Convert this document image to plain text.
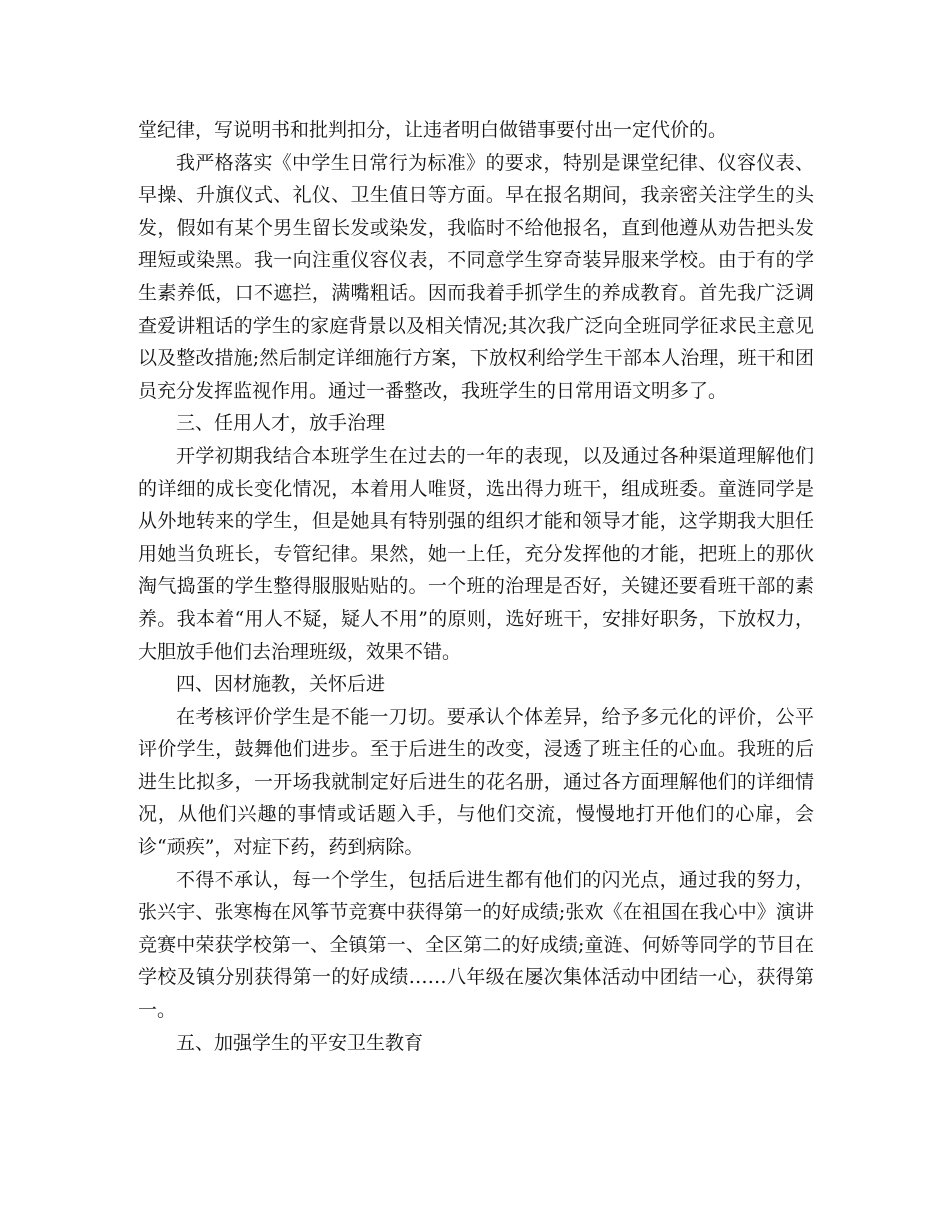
堂纪律，写说明书和批判扣分，让违者明白做错事要付出一定代价的。

我严格落实《中学生日常行为标准》的要求，特别是课堂纪律、仪容仪表、早操、升旗仪式、礼仪、卫生值日等方面。早在报名期间，我亲密关注学生的头发，假如有某个男生留长发或染发，我临时不给他报名，直到他遵从劝告把头发理短或染黑。我一向注重仪容仪表，不同意学生穿奇装异服来学校。由于有的学生素养低，口不遮拦，满嘴粗话。因而我着手抓学生的养成教育。首先我广泛调查爱讲粗话的学生的家庭背景以及相关情况;其次我广泛向全班同学征求民主意见以及整改措施;然后制定详细施行方案，下放权利给学生干部本人治理，班干和团员充分发挥监视作用。通过一番整改，我班学生的日常用语文明多了。

三、任用人才，放手治理

开学初期我结合本班学生在过去的一年的表现，以及通过各种渠道理解他们的详细的成长变化情况，本着用人唯贤，选出得力班干，组成班委。童涟同学是从外地转来的学生，但是她具有特别强的组织才能和领导才能，这学期我大胆任用她当负班长，专管纪律。果然，她一上任，充分发挥他的才能，把班上的那伙淘气捣蛋的学生整得服服贴贴的。一个班的治理是否好，关键还要看班干部的素养。我本着“用人不疑，疑人不用”的原则，选好班干，安排好职务，下放权力，大胆放手他们去治理班级，效果不错。

四、因材施教，关怀后进

在考核评价学生是不能一刀切。要承认个体差异，给予多元化的评价，公平评价学生，鼓舞他们进步。至于后进生的改变，浸透了班主任的心血。我班的后进生比拟多，一开场我就制定好后进生的花名册，通过各方面理解他们的详细情况，从他们兴趣的事情或话题入手，与他们交流，慢慢地打开他们的心扉，会诊“顽疾”，对症下药，药到病除。

不得不承认，每一个学生，包括后进生都有他们的闪光点，通过我的努力，张兴宇、张寒梅在风筝节竞赛中获得第一的好成绩;张欢《在祖国在我心中》演讲竞赛中荣获学校第一、全镇第一、全区第二的好成绩;童涟、何娇等同学的节目在学校及镇分别获得第一的好成绩……八年级在屡次集体活动中团结一心，获得第一。

五、加强学生的平安卫生教育
